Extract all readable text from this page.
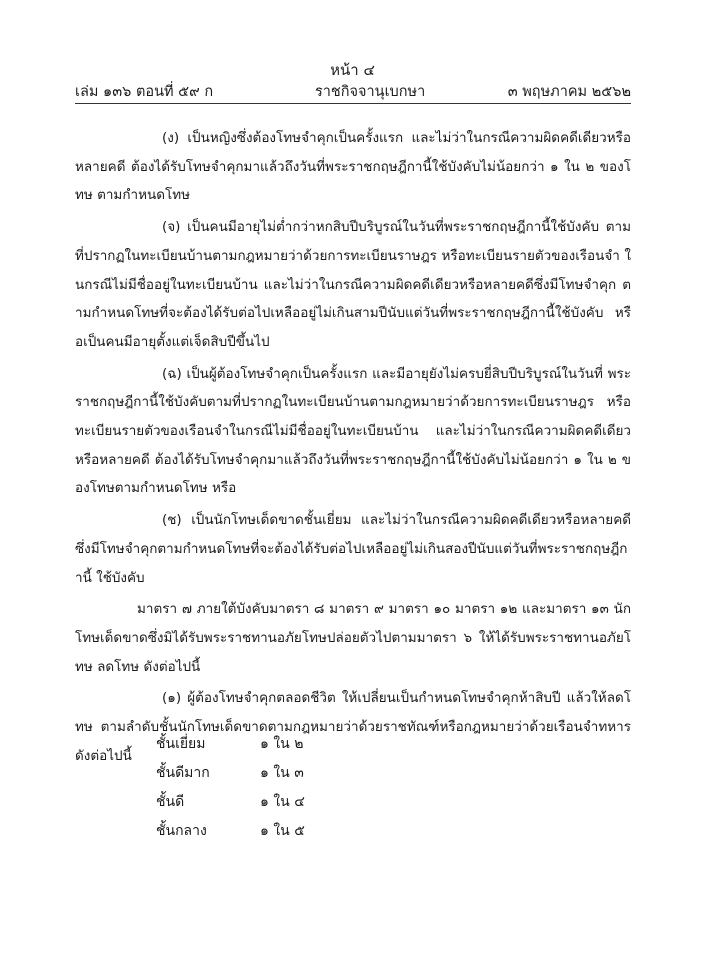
หน้า ๔
เล่ม ๑๓๖ ตอนที่ ๕๙ ก	ราชกิจจานุเบกษา	๓ พฤษภาคม ๒๕๖๒

(ง) เป็นหญิงซึ่งต้องโทษจำคุกเป็นครั้งแรก และไม่ว่าในกรณีความผิดคดีเดียวหรือหลายคดี ต้องได้รับโทษจำคุกมาแล้วถึงวันที่พระราชกฤษฎีกานี้ใช้บังคับไม่น้อยกว่า ๑ ใน ๒ ของโทษ ตามกำหนดโทษ

(จ) เป็นคนมีอายุไม่ต่ำกว่าหกสิบปีบริบูรณ์ในวันที่พระราชกฤษฎีกานี้ใช้บังคับ ตามที่ปรากฏในทะเบียนบ้านตามกฎหมายว่าด้วยการทะเบียนราษฎร หรือทะเบียนรายตัวของเรือนจำ ในกรณีไม่มีชื่ออยู่ในทะเบียนบ้าน และไม่ว่าในกรณีความผิดคดีเดียวหรือหลายคดีซึ่งมีโทษจำคุก ตามกำหนดโทษที่จะต้องได้รับต่อไปเหลืออยู่ไม่เกินสามปีนับแต่วันที่พระราชกฤษฎีกานี้ใช้บังคับ หรือเป็นคนมีอายุตั้งแต่เจ็ดสิบปีขึ้นไป

(ฉ) เป็นผู้ต้องโทษจำคุกเป็นครั้งแรก และมีอายุยังไม่ครบยี่สิบปีบริบูรณ์ในวันที่ พระราชกฤษฎีกานี้ใช้บังคับตามที่ปรากฏในทะเบียนบ้านตามกฎหมายว่าด้วยการทะเบียนราษฎร หรือทะเบียนรายตัวของเรือนจำในกรณีไม่มีชื่ออยู่ในทะเบียนบ้าน และไม่ว่าในกรณีความผิดคดีเดียว หรือหลายคดี ต้องได้รับโทษจำคุกมาแล้วถึงวันที่พระราชกฤษฎีกานี้ใช้บังคับไม่น้อยกว่า ๑ ใน ๒ ของโทษตามกำหนดโทษ หรือ

(ช) เป็นนักโทษเด็ดขาดชั้นเยี่ยม และไม่ว่าในกรณีความผิดคดีเดียวหรือหลายคดี ซึ่งมีโทษจำคุกตามกำหนดโทษที่จะต้องได้รับต่อไปเหลืออยู่ไม่เกินสองปีนับแต่วันที่พระราชกฤษฎีกานี้ ใช้บังคับ

มาตรา ๗ ภายใต้บังคับมาตรา ๘ มาตรา ๙ มาตรา ๑๐ มาตรา ๑๒ และมาตรา ๑๓ นักโทษเด็ดขาดซึ่งมิได้รับพระราชทานอภัยโทษปล่อยตัวไปตามมาตรา ๖ ให้ได้รับพระราชทานอภัยโทษ ลดโทษ ดังต่อไปนี้

(๑) ผู้ต้องโทษจำคุกตลอดชีวิต ให้เปลี่ยนเป็นกำหนดโทษจำคุกห้าสิบปี แล้วให้ลดโทษ ตามลำดับชั้นนักโทษเด็ดขาดตามกฎหมายว่าด้วยราชทัณฑ์หรือกฎหมายว่าด้วยเรือนจำทหาร ดังต่อไปนี้

ชั้นเยี่ยม	๑ ใน ๒
ชั้นดีมาก	๑ ใน ๓
ชั้นดี	๑ ใน ๔
ชั้นกลาง	๑ ใน ๕
